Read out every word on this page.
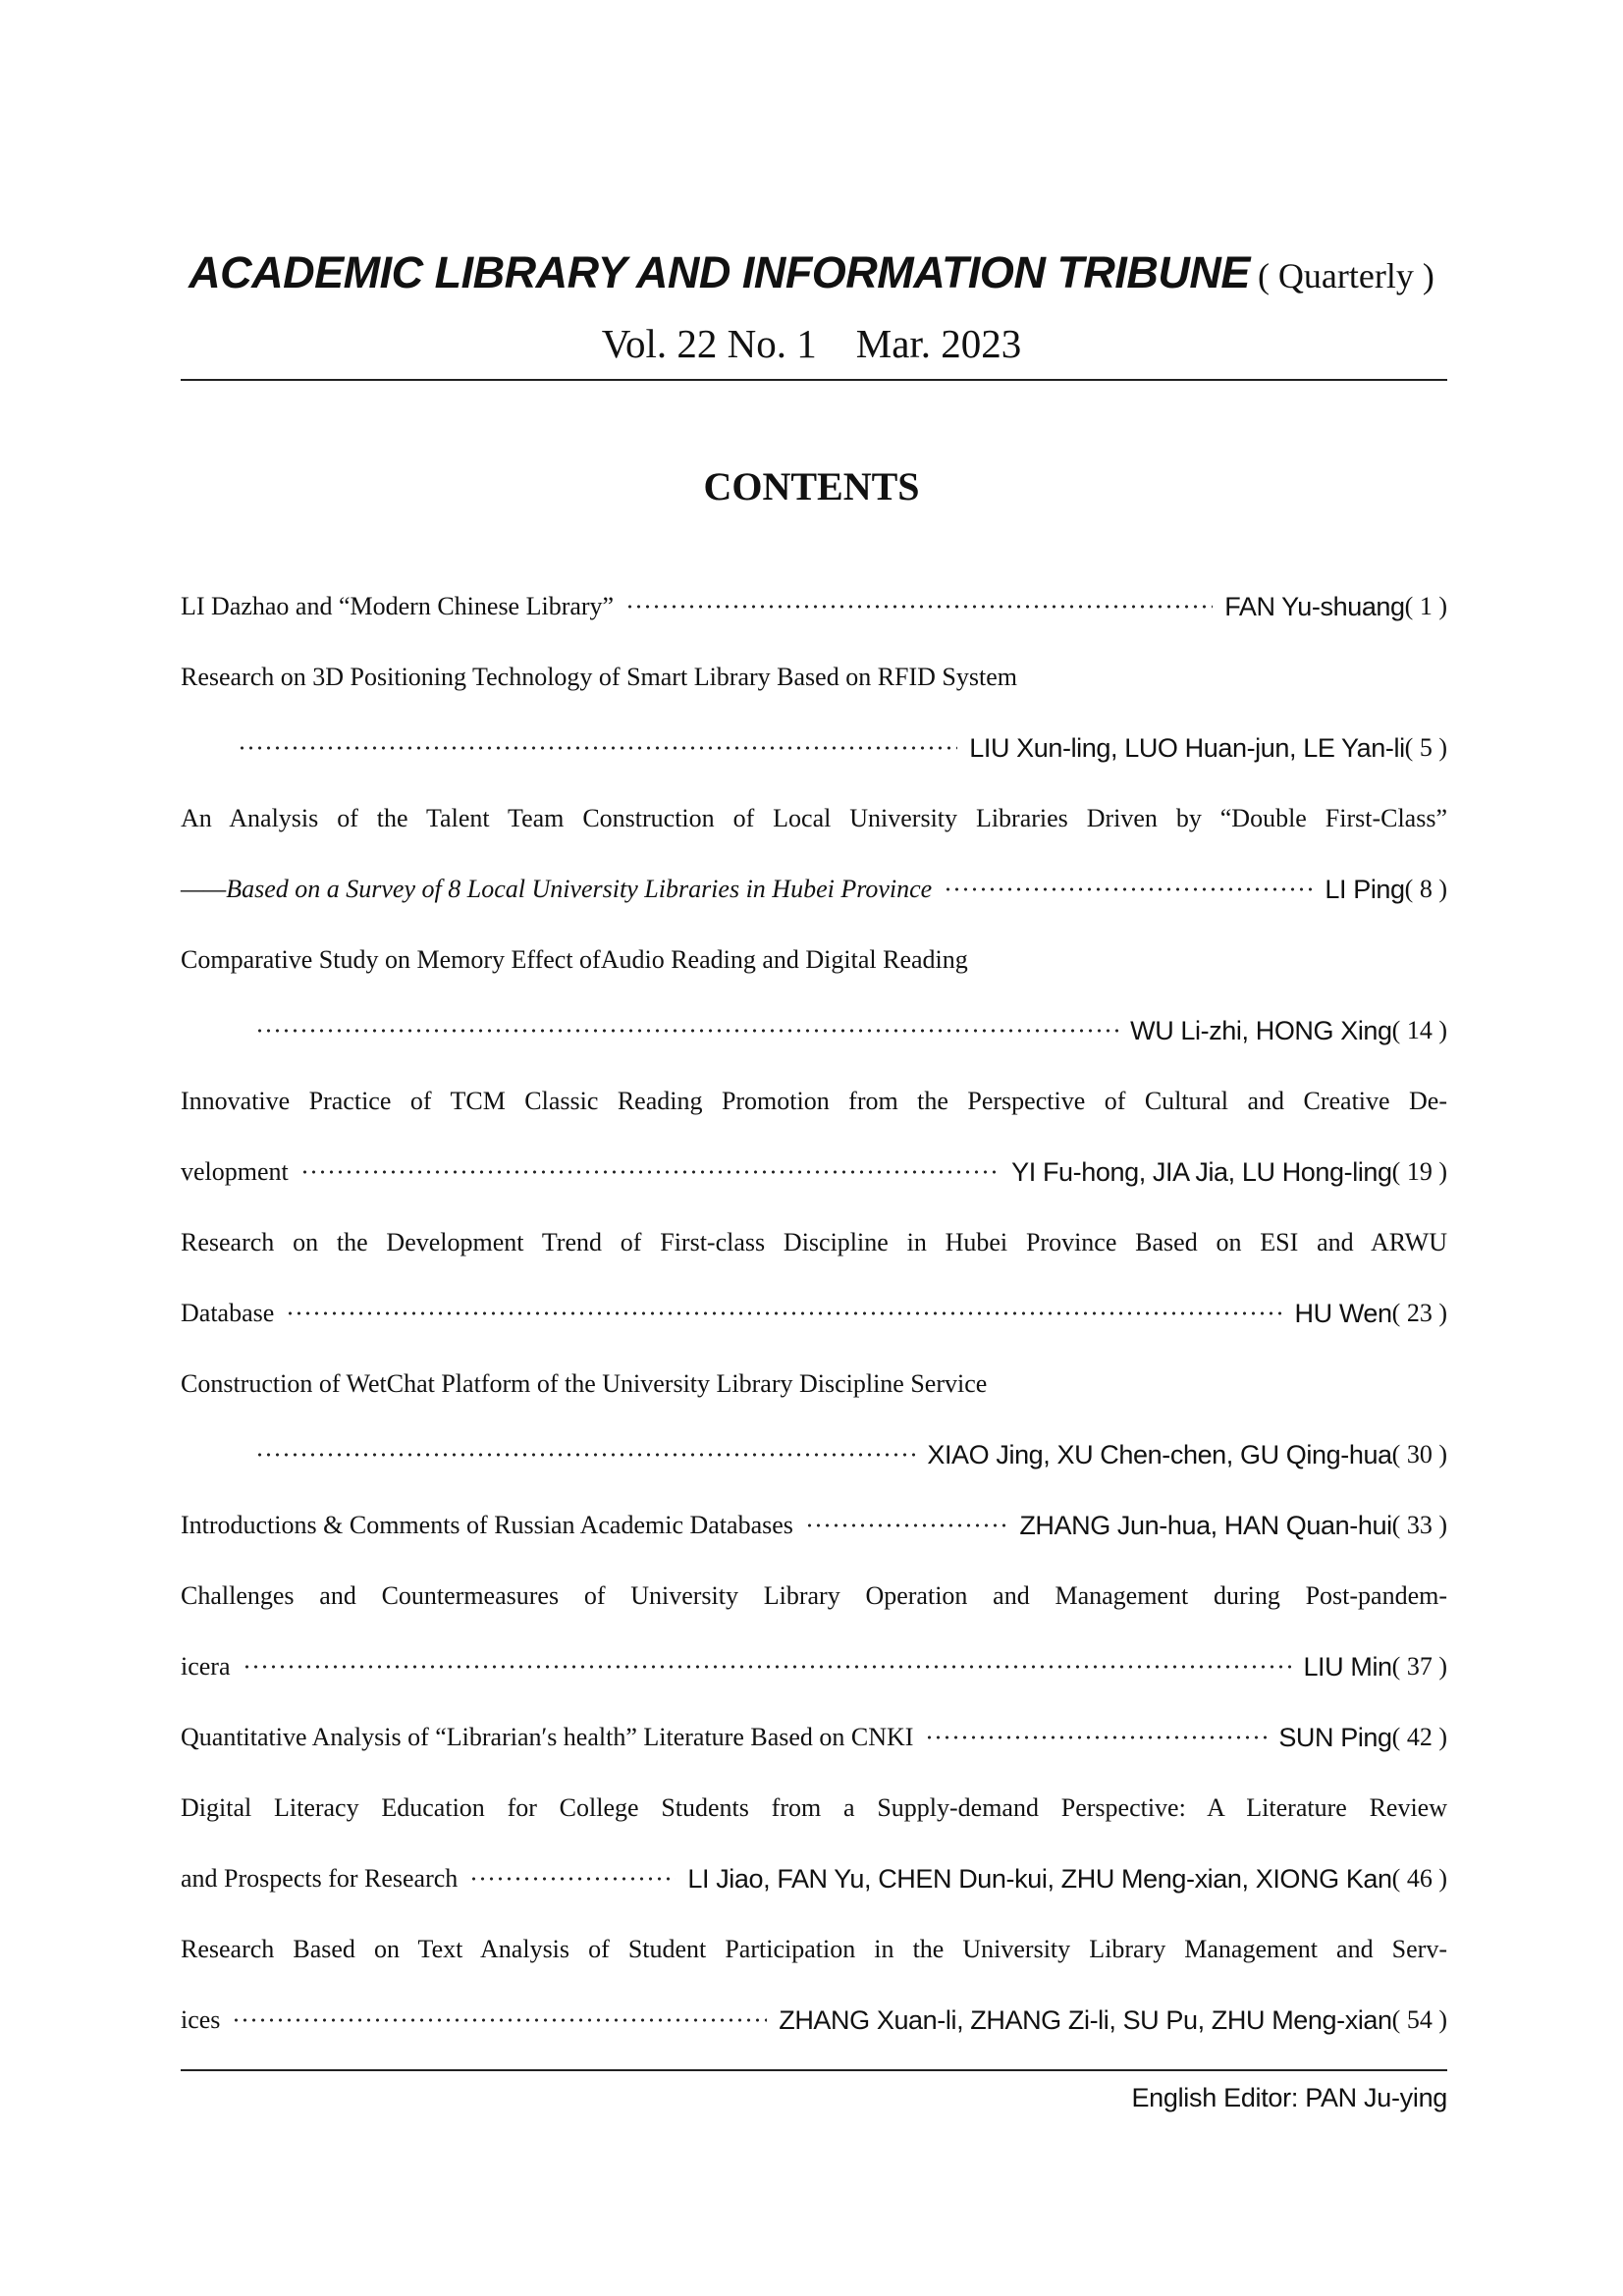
ACADEMIC LIBRARY AND INFORMATION TRIBUNE ( Quarterly )
Vol. 22 No. 1 Mar. 2023
CONTENTS
LI Dazhao and “Modern Chinese Library”	FAN Yu-shuang ( 1 )
Research on 3D Positioning Technology of Smart Library Based on RFID System
LIU Xun-ling, LUO Huan-jun, LE Yan-li ( 5 )
An Analysis of the Talent Team Construction of Local University Libraries Driven by “Double First-Class”
——Based on a Survey of 8 Local University Libraries in Hubei Province	LI Ping ( 8 )
Comparative Study on Memory Effect ofAudio Reading and Digital Reading
WU Li-zhi, HONG Xing ( 14 )
Innovative Practice of TCM Classic Reading Promotion from the Perspective of Cultural and Creative De-
velopment	YI Fu-hong, JIA Jia, LU Hong-ling ( 19 )
Research on the Development Trend of First-class Discipline in Hubei Province Based on ESI and ARWU
Database	HU Wen ( 23 )
Construction of WetChat Platform of the University Library Discipline Service
XIAO Jing, XU Chen-chen, GU Qing-hua ( 30 )
Introductions & Comments of Russian Academic Databases	ZHANG Jun-hua, HAN Quan-hui ( 33 )
Challenges and Countermeasures of University Library Operation and Management during Post-pandem-
icera	LIU Min ( 37 )
Quantitative Analysis of “Librarian′s health” Literature Based on CNKI	SUN Ping ( 42 )
Digital Literacy Education for College Students from a Supply-demand Perspective: A Literature Review
and Prospects for Research	LI Jiao, FAN Yu, CHEN Dun-kui, ZHU Meng-xian, XIONG Kan ( 46 )
Research Based on Text Analysis of Student Participation in the University Library Management and Serv-
ices	ZHANG Xuan-li, ZHANG Zi-li, SU Pu, ZHU Meng-xian ( 54 )
English Editor: PAN Ju-ying
